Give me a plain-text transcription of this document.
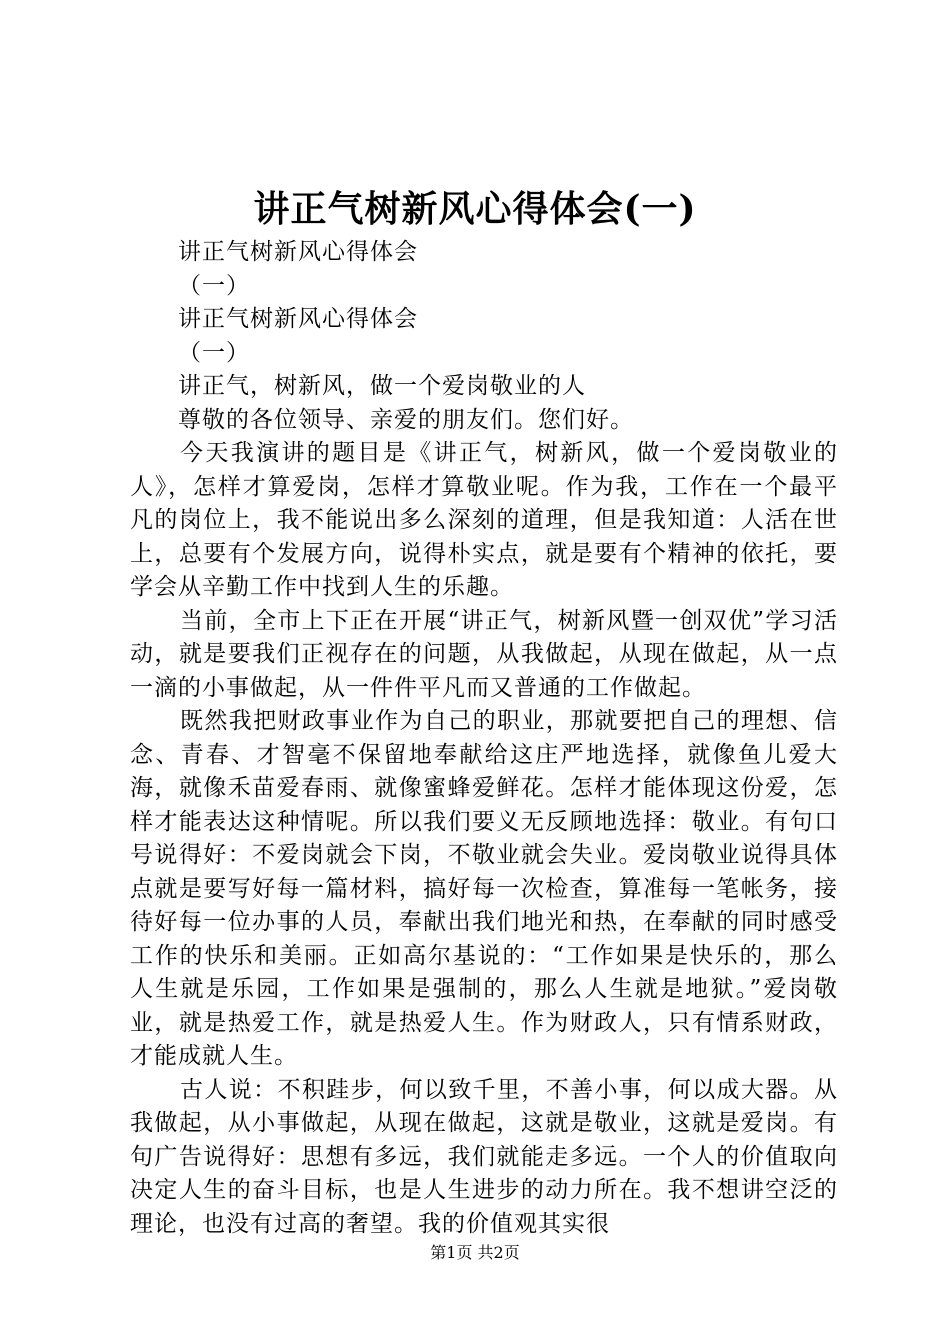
讲正气树新风心得体会(一)

讲正气树新风心得体会

（一）

讲正气树新风心得体会

（一）

讲正气，树新风，做一个爱岗敬业的人

尊敬的各位领导、亲爱的朋友们。您们好。

今天我演讲的题目是《讲正气，树新风，做一个爱岗敬业的人》，怎样才算爱岗，怎样才算敬业呢。作为我，工作在一个最平凡的岗位上，我不能说出多么深刻的道理，但是我知道：人活在世上，总要有个发展方向，说得朴实点，就是要有个精神的依托，要学会从辛勤工作中找到人生的乐趣。

当前，全市上下正在开展“讲正气，树新风暨一创双优”学习活动，就是要我们正视存在的问题，从我做起，从现在做起，从一点一滴的小事做起，从一件件平凡而又普通的工作做起。

既然我把财政事业作为自己的职业，那就要把自己的理想、信念、青春、才智毫不保留地奉献给这庄严地选择，就像鱼儿爱大海，就像禾苗爱春雨、就像蜜蜂爱鲜花。怎样才能体现这份爱，怎样才能表达这种情呢。所以我们要义无反顾地选择：敬业。有句口号说得好：不爱岗就会下岗，不敬业就会失业。爱岗敬业说得具体点就是要写好每一篇材料，搞好每一次检查，算准每一笔帐务，接待好每一位办事的人员，奉献出我们地光和热，在奉献的同时感受工作的快乐和美丽。正如高尔基说的：“工作如果是快乐的，那么人生就是乐园，工作如果是强制的，那么人生就是地狱。”爱岗敬业，就是热爱工作，就是热爱人生。作为财政人，只有情系财政，才能成就人生。

古人说：不积跬步，何以致千里，不善小事，何以成大器。从我做起，从小事做起，从现在做起，这就是敬业，这就是爱岗。有句广告说得好：思想有多远，我们就能走多远。一个人的价值取向决定人生的奋斗目标，也是人生进步的动力所在。我不想讲空泛的理论，也没有过高的奢望。我的价值观其实很

第1页 共2页
